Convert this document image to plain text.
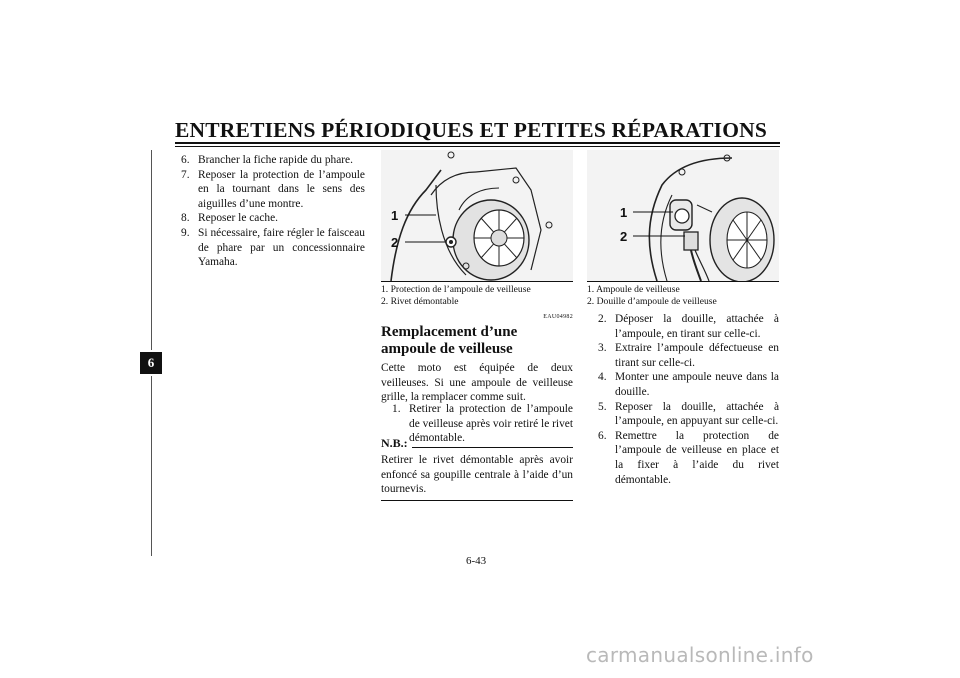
ENTRETIENS PÉRIODIQUES ET PETITES RÉPARATIONS
6
6. Brancher la fiche rapide du phare.
7. Reposer la protection de l’ampoule en la tournant dans le sens des aiguilles d’une montre.
8. Reposer le cache.
9. Si nécessaire, faire régler le faisceau de phare par un concessionnaire Yamaha.
1
2
1. Protection de l’ampoule de veilleuse
2. Rivet démontable
EAU04982
Remplacement d’une ampoule de veilleuse
Cette moto est équipée de deux veilleuses. Si une ampoule de veilleuse grille, la remplacer comme suit.
1. Retirer la protection de l’ampoule de veilleuse après voir retiré le rivet démontable.
N.B.:
Retirer le rivet démontable après avoir enfoncé sa goupille centrale à l’aide d’un tournevis.
1
2
1. Ampoule de veilleuse
2. Douille d’ampoule de veilleuse
2. Déposer la douille, attachée à l’ampoule, en tirant sur celle-ci.
3. Extraire l’ampoule défectueuse en tirant sur celle-ci.
4. Monter une ampoule neuve dans la douille.
5. Reposer la douille, attachée à l’ampoule, en appuyant sur celle-ci.
6. Remettre la protection de l’ampoule de veilleuse en place et la fixer à l’aide du rivet démontable.
6-43
carmanualsonline.info
